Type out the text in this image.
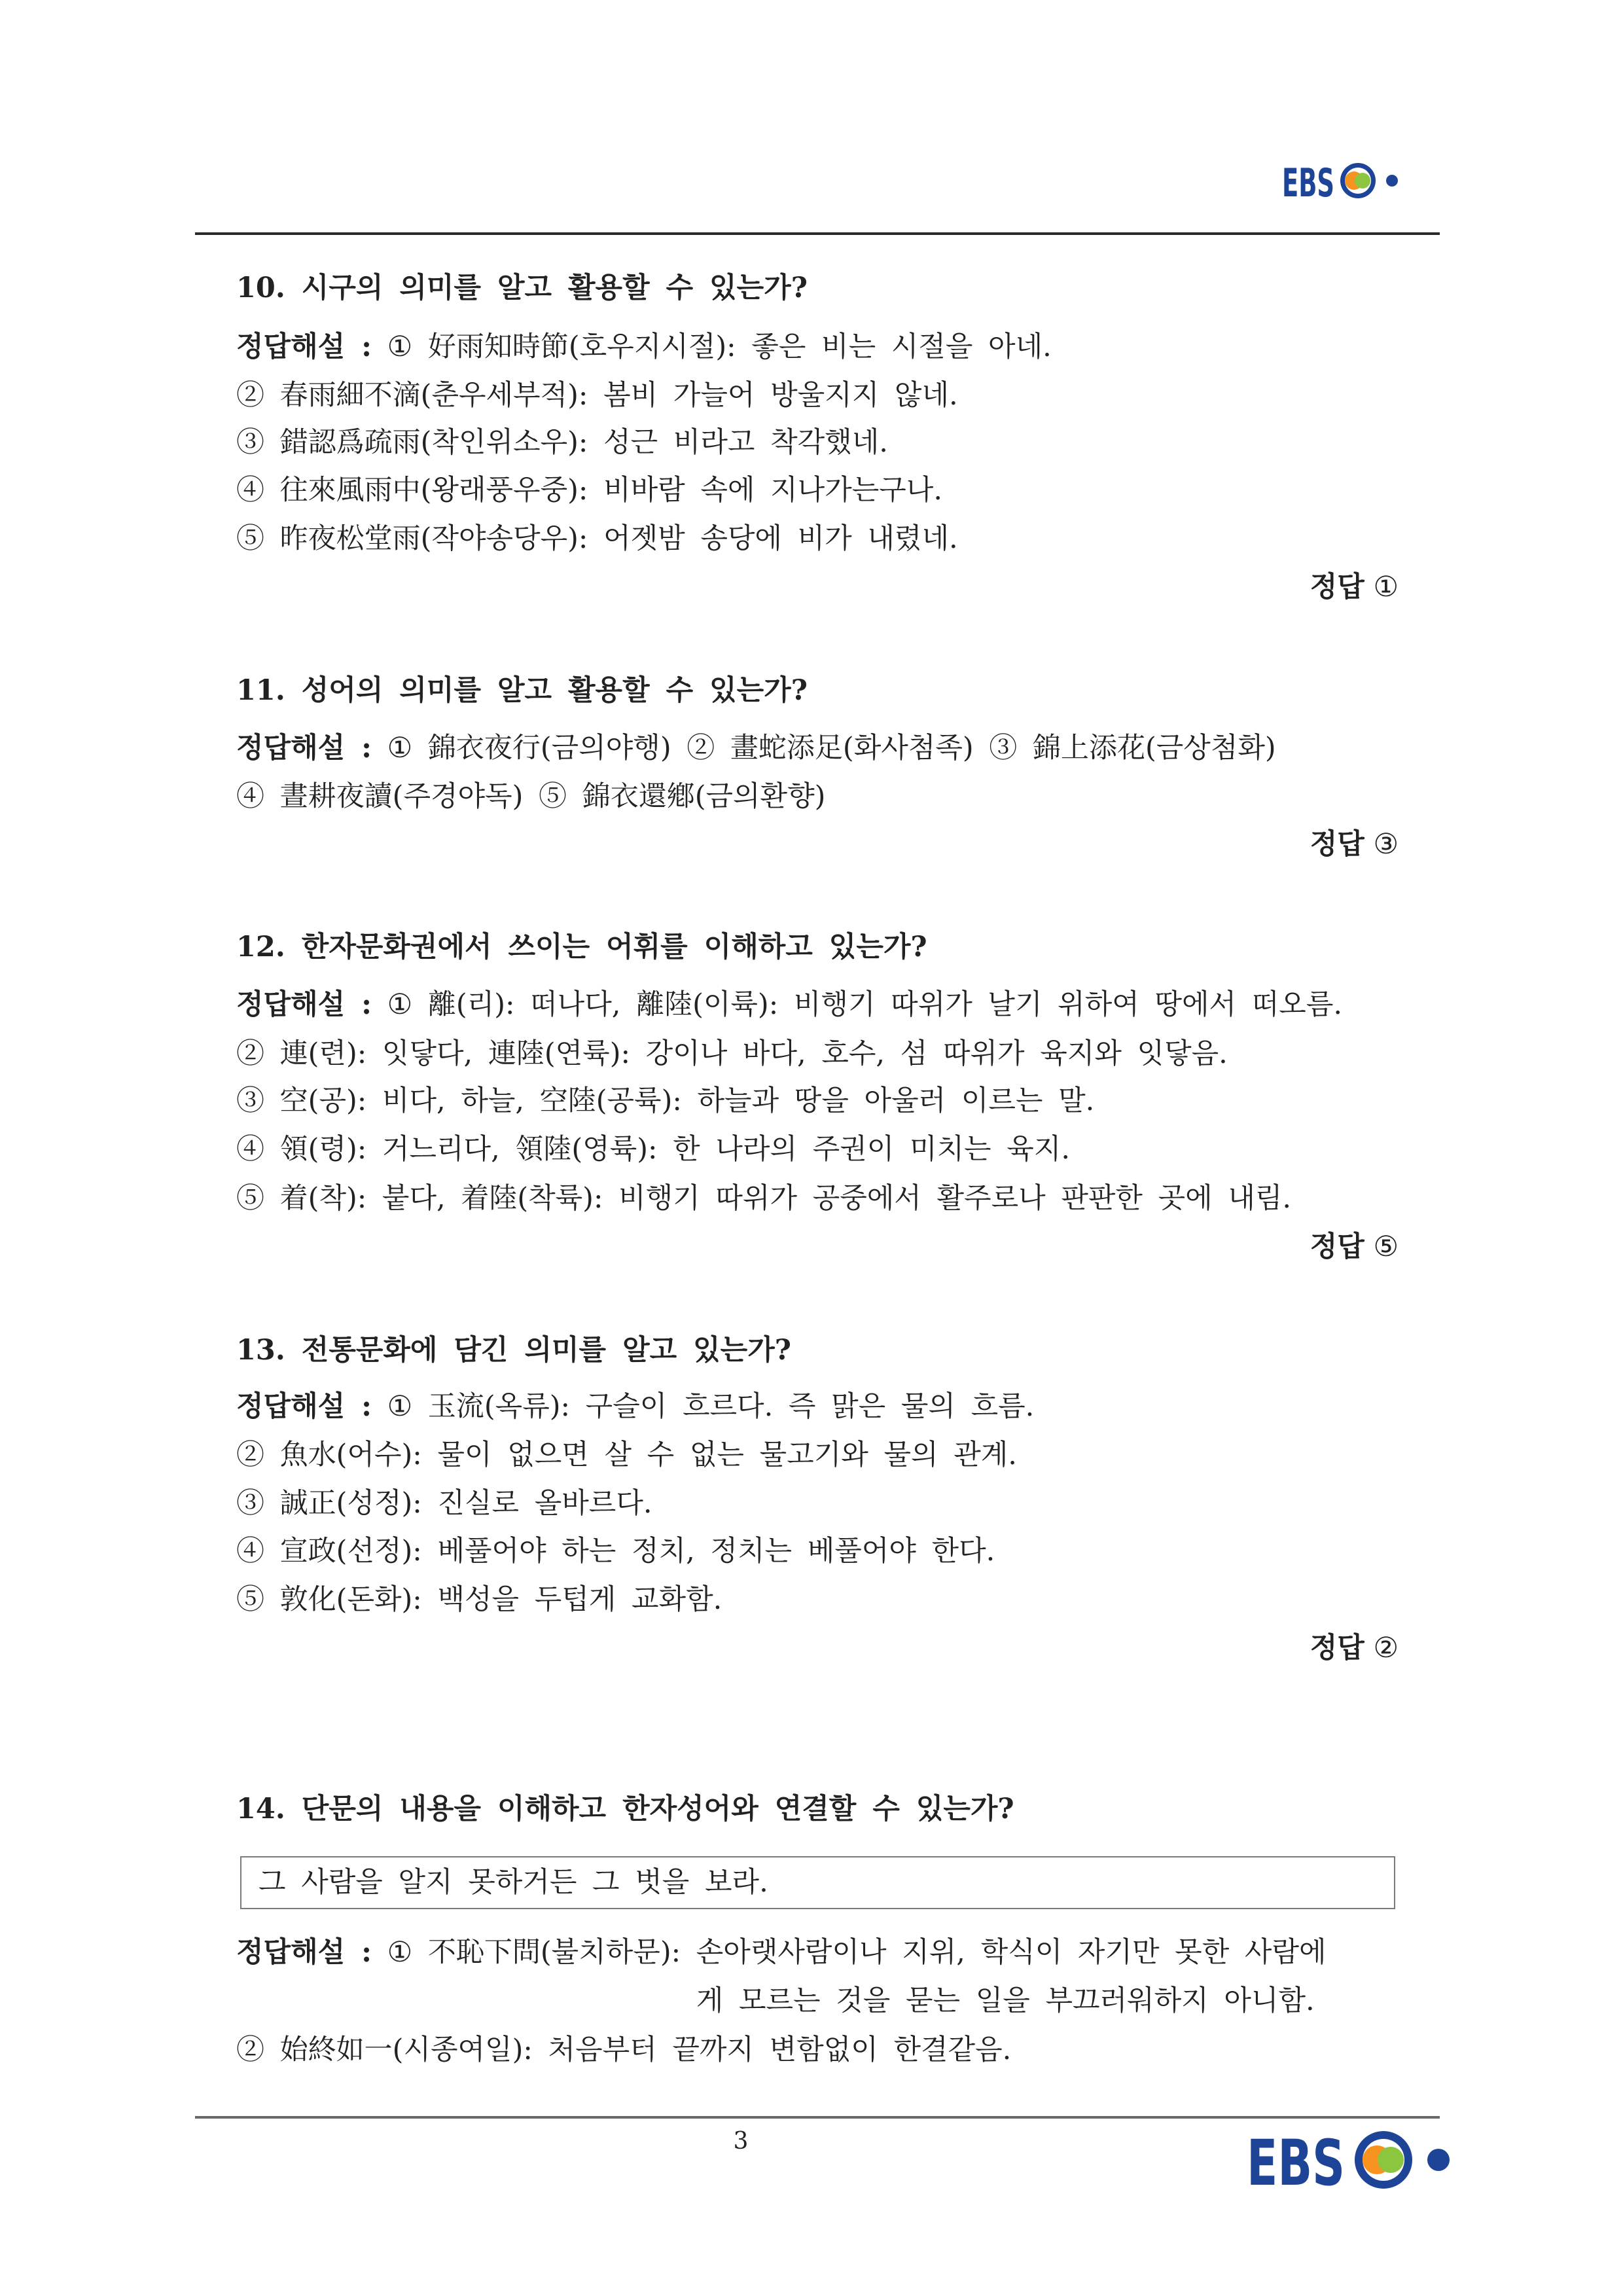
EBS
10. 시구의 의미를 알고 활용할 수 있는가?
정답해설 : ① 好雨知時節(호우지시절): 좋은 비는 시절을 아네.
② 春雨細不滴(춘우세부적): 봄비 가늘어 방울지지 않네.
③ 錯認爲疏雨(착인위소우): 성근 비라고 착각했네.
④ 往來風雨中(왕래풍우중): 비바람 속에 지나가는구나.
⑤ 昨夜松堂雨(작야송당우): 어젯밤 송당에 비가 내렸네.
정답 ①
11. 성어의 의미를 알고 활용할 수 있는가?
정답해설 : ① 錦衣夜行(금의야행) ② 畫蛇添足(화사첨족) ③ 錦上添花(금상첨화)
④ 晝耕夜讀(주경야독) ⑤ 錦衣還鄕(금의환향)
정답 ③
12. 한자문화권에서 쓰이는 어휘를 이해하고 있는가?
정답해설 : ① 離(리): 떠나다, 離陸(이륙): 비행기 따위가 날기 위하여 땅에서 떠오름.
② 連(련): 잇닿다, 連陸(연륙): 강이나 바다, 호수, 섬 따위가 육지와 잇닿음.
③ 空(공): 비다, 하늘, 空陸(공륙): 하늘과 땅을 아울러 이르는 말.
④ 領(령): 거느리다, 領陸(영륙): 한 나라의 주권이 미치는 육지.
⑤ 着(착): 붙다, 着陸(착륙): 비행기 따위가 공중에서 활주로나 판판한 곳에 내림.
정답 ⑤
13. 전통문화에 담긴 의미를 알고 있는가?
정답해설 : ① 玉流(옥류): 구슬이 흐르다. 즉 맑은 물의 흐름.
② 魚水(어수): 물이 없으면 살 수 없는 물고기와 물의 관계.
③ 誠正(성정): 진실로 올바르다.
④ 宣政(선정): 베풀어야 하는 정치, 정치는 베풀어야 한다.
⑤ 敦化(돈화): 백성을 두텁게 교화함.
정답 ②
14. 단문의 내용을 이해하고 한자성어와 연결할 수 있는가?
그 사람을 알지 못하거든 그 벗을 보라.
정답해설 : ① 不恥下問(불치하문): 손아랫사람이나 지위, 학식이 자기만 못한 사람에
게 모르는 것을 묻는 일을 부끄러워하지 아니함.
② 始終如一(시종여일): 처음부터 끝까지 변함없이 한결같음.
3	EBS
